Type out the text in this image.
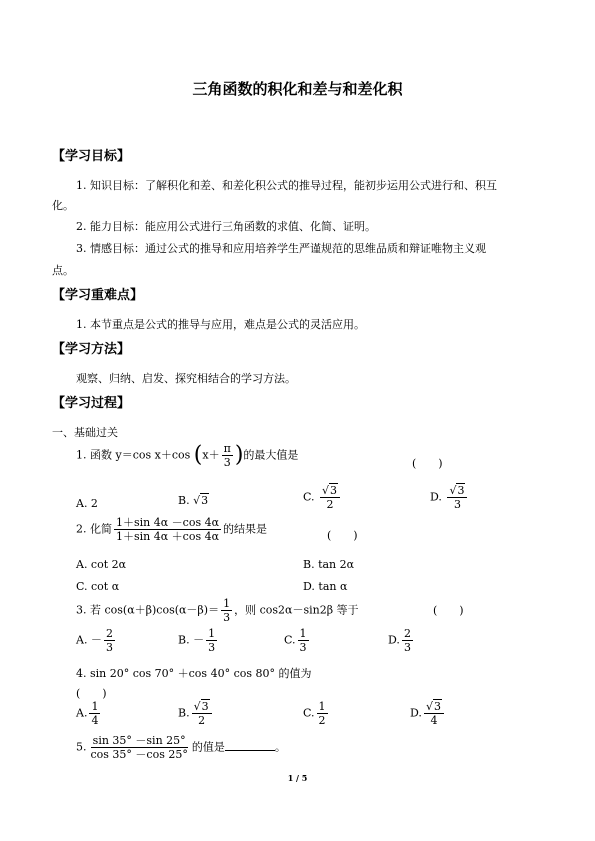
三角函数的积化和差与和差化积
【学习目标】
1. 知识目标：了解积化和差、和差化积公式的推导过程，能初步运用公式进行和、积互
化。
2. 能力目标：能应用公式进行三角函数的求值、化简、证明。
3. 情感目标：通过公式的推导和应用培养学生严谨规范的思维品质和辩证唯物主义观
点。
【学习重难点】
1. 本节重点是公式的推导与应用，难点是公式的灵活应用。
【学习方法】
观察、归纳、启发、探究相结合的学习方法。
【学习过程】
一、基础过关
1. 函数 y＝cos x＋cos ($x+ \frac{\pi}{3}$ )的最大值是
(　　)
A. 2	B. √3	C. $\frac{√3}{2}$	D. $\frac{√3}{3}$
2. 化简 $\frac{1+\sin 4\alpha -\cos 4\alpha}{1+\sin 4\alpha +\cos 4\alpha}$ 的结果是	(　　)
A. cot 2α	B. tan 2α
C. cot α	D. tan α
3. 若 $\cos(\alpha+\beta)\cos(\alpha-\beta)= \frac{1}{3}$ ，则 cos2α－sin2β 等于	(　　)
A. － $\frac{2}{3}$	B. － $\frac{1}{3}$	C. $\frac{1}{3}$	D. $\frac{2}{3}$
4. sin 20° cos 70° ＋cos 40° cos 80° 的值为
(　　)
A. $\frac{1}{4}$	B. $\frac{√3}{2}$	C. $\frac{1}{2}$	D. $\frac{√3}{4}$
5. $\frac{\sin 35^\circ -\sin 25^\circ}{\cos 35^\circ -\cos 25^\circ}$ 的值是	。
1 / 5
